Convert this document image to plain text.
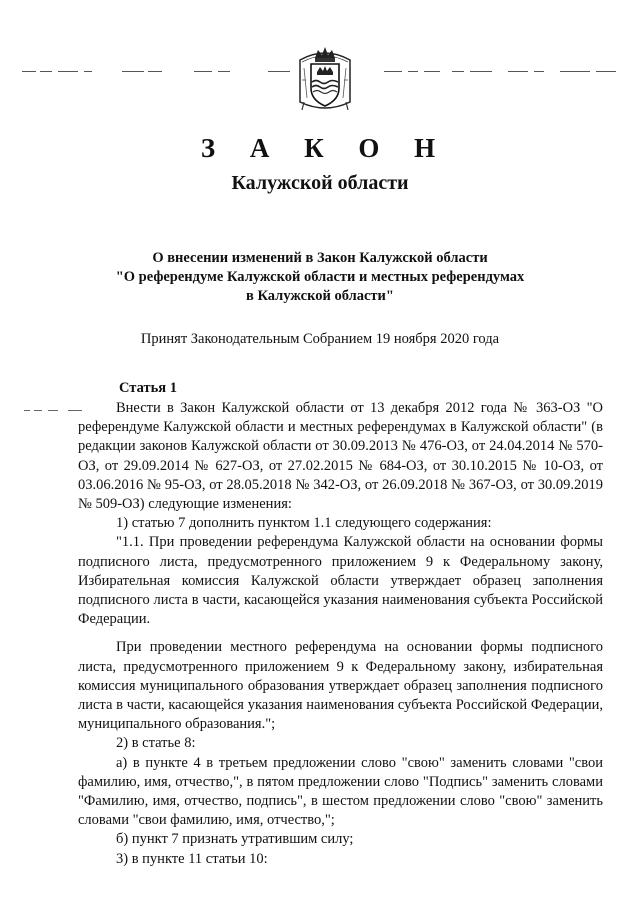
З А К О Н
Калужской области
О внесении изменений в Закон Калужской области
"О референдуме Калужской области и местных референдумах
в Калужской области"
Принят Законодательным Собранием 19 ноября 2020 года
Статья 1

Внести в Закон Калужской области от 13 декабря 2012 года № 363-ОЗ "О референдуме Калужской области и местных референдумах в Калужской области" (в редакции законов Калужской области от 30.09.2013 № 476-ОЗ, от 24.04.2014 № 570-ОЗ, от 29.09.2014 № 627-ОЗ, от 27.02.2015 № 684-ОЗ, от 30.10.2015 № 10-ОЗ, от 03.06.2016 № 95-ОЗ, от 28.05.2018 № 342-ОЗ, от 26.09.2018 № 367-ОЗ, от 30.09.2019 № 509-ОЗ) следующие изменения:

1) статью 7 дополнить пунктом 1.1 следующего содержания:

"1.1. При проведении референдума Калужской области на основании формы подписного листа, предусмотренного приложением 9 к Федеральному закону, Избирательная комиссия Калужской области утверждает образец заполнения подписного листа в части, касающейся указания наименования субъекта Российской Федерации.

При проведении местного референдума на основании формы подписного листа, предусмотренного приложением 9 к Федеральному закону, избирательная комиссия муниципального образования утверждает образец заполнения подписного листа в части, касающейся указания наименования субъекта Российской Федерации, муниципального образования.";

2) в статье 8:

а) в пункте 4 в третьем предложении слово "свою" заменить словами "свои фамилию, имя, отчество,", в пятом предложении слово "Подпись" заменить словами "Фамилию, имя, отчество, подпись", в шестом предложении слово "свою" заменить словами "свои фамилию, имя, отчество,";

б) пункт 7 признать утратившим силу;

3) в пункте 11 статьи 10:
